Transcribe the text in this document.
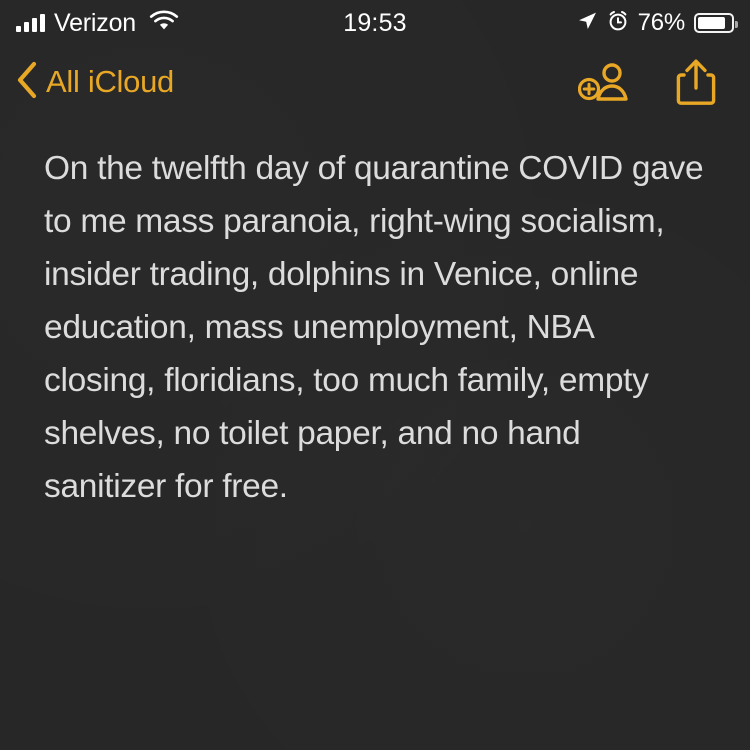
Verizon	19:53	76%
All iCloud
On the twelfth day of quarantine COVID gave to me mass paranoia, right-wing socialism, insider trading, dolphins in Venice, online education, mass unemployment, NBA closing, floridians, too much family, empty shelves, no toilet paper, and no hand sanitizer for free.
